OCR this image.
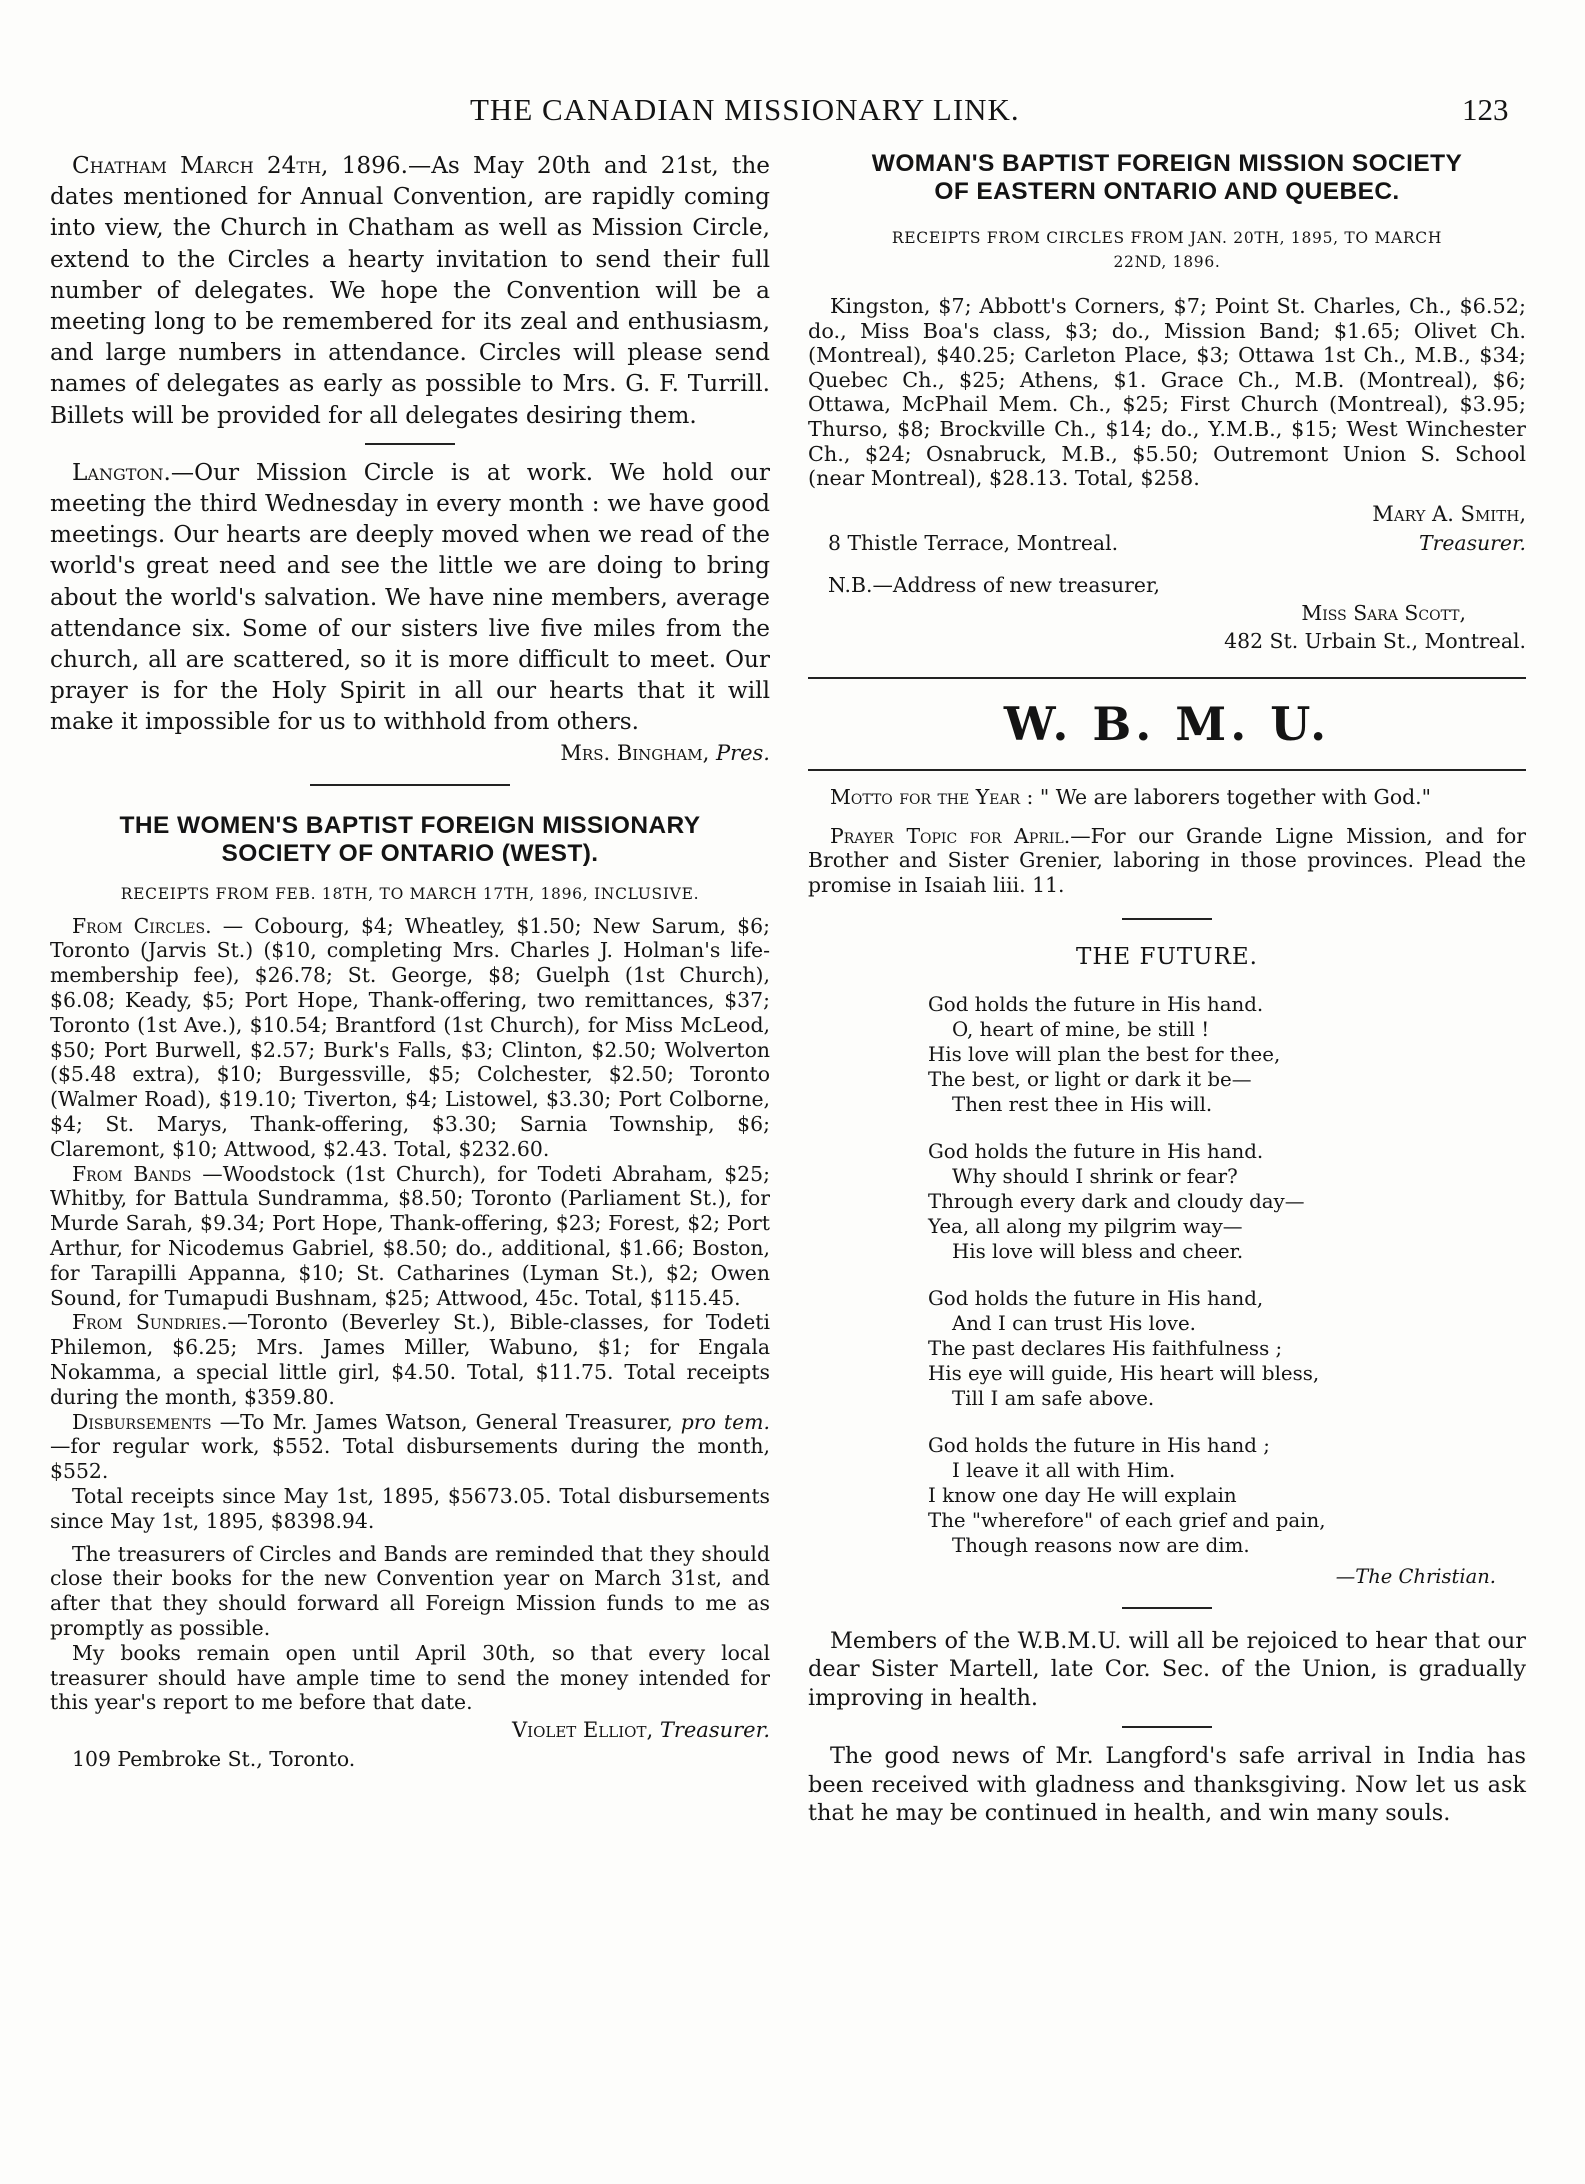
THE CANADIAN MISSIONARY LINK.	123

Chatham March 24th, 1896.—As May 20th and 21st, the dates mentioned for Annual Convention, are rapidly coming into view, the Church in Chatham as well as Mission Circle, extend to the Circles a hearty invitation to send their full number of delegates. We hope the Convention will be a meeting long to be remembered for its zeal and enthusiasm, and large numbers in attendance. Circles will please send names of delegates as early as possible to Mrs. G. F. Turrill. Billets will be provided for all delegates desiring them.

Langton.—Our Mission Circle is at work. We hold our meeting the third Wednesday in every month : we have good meetings. Our hearts are deeply moved when we read of the world's great need and see the little we are doing to bring about the world's salvation. We have nine members, average attendance six. Some of our sisters live five miles from the church, all are scattered, so it is more difficult to meet. Our prayer is for the Holy Spirit in all our hearts that it will make it impossible for us to withhold from others.

Mrs. Bingham, Pres.
THE WOMEN'S BAPTIST FOREIGN MISSIONARY
SOCIETY OF ONTARIO (WEST).
RECEIPTS FROM FEB. 18TH, TO MARCH 17TH, 1896, INCLUSIVE.

From Circles. — Cobourg, $4; Wheatley, $1.50; New Sarum, $6; Toronto (Jarvis St.) ($10, completing Mrs. Charles J. Holman's life-membership fee), $26.78; St. George, $8; Guelph (1st Church), $6.08; Keady, $5; Port Hope, Thank-offering, two remittances, $37; Toronto (1st Ave.), $10.54; Brantford (1st Church), for Miss McLeod, $50; Port Burwell, $2.57; Burk's Falls, $3; Clinton, $2.50; Wolverton ($5.48 extra), $10; Burgessville, $5; Colchester, $2.50; Toronto (Walmer Road), $19.10; Tiverton, $4; Listowel, $3.30; Port Colborne, $4; St. Marys, Thank-offering, $3.30; Sarnia Township, $6; Claremont, $10; Attwood, $2.43. Total, $232.60.

From Bands —Woodstock (1st Church), for Todeti Abraham, $25; Whitby, for Battula Sundramma, $8.50; Toronto (Parliament St.), for Murde Sarah, $9.34; Port Hope, Thank-offering, $23; Forest, $2; Port Arthur, for Nicodemus Gabriel, $8.50; do., additional, $1.66; Boston, for Tarapilli Appanna, $10; St. Catharines (Lyman St.), $2; Owen Sound, for Tumapudi Bushnam, $25; Attwood, 45c. Total, $115.45.

From Sundries.—Toronto (Beverley St.), Bible-classes, for Todeti Philemon, $6.25; Mrs. James Miller, Wabuno, $1; for Engala Nokamma, a special little girl, $4.50. Total, $11.75. Total receipts during the month, $359.80.

Disbursements —To Mr. James Watson, General Treasurer, pro tem.—for regular work, $552. Total disbursements during the month, $552.

Total receipts since May 1st, 1895, $5673.05. Total disbursements since May 1st, 1895, $8398.94.

The treasurers of Circles and Bands are reminded that they should close their books for the new Convention year on March 31st, and after that they should forward all Foreign Mission funds to me as promptly as possible.

My books remain open until April 30th, so that every local treasurer should have ample time to send the money intended for this year's report to me before that date.

Violet Elliot, Treasurer.
109 Pembroke St., Toronto.
WOMAN'S BAPTIST FOREIGN MISSION SOCIETY
OF EASTERN ONTARIO AND QUEBEC.
RECEIPTS FROM CIRCLES FROM JAN. 20TH, 1895, TO MARCH
22ND, 1896.

Kingston, $7; Abbott's Corners, $7; Point St. Charles, Ch., $6.52; do., Miss Boa's class, $3; do., Mission Band; $1.65; Olivet Ch. (Montreal), $40.25; Carleton Place, $3; Ottawa 1st Ch., M.B., $34; Quebec Ch., $25; Athens, $1. Grace Ch., M.B. (Montreal), $6; Ottawa, McPhail Mem. Ch., $25; First Church (Montreal), $3.95; Thurso, $8; Brockville Ch., $14; do., Y.M.B., $15; West Winchester Ch., $24; Osnabruck, M.B., $5.50; Outremont Union S. School (near Montreal), $28.13. Total, $258.

Mary A. Smith,
8 Thistle Terrace, Montreal.	Treasurer.
N.B.—Address of new treasurer,
Miss Sara Scott,
482 St. Urbain St., Montreal.
W. B. M. U.

Motto for the Year : " We are laborers together with God."

Prayer Topic for April.—For our Grande Ligne Mission, and for Brother and Sister Grenier, laboring in those provinces. Plead the promise in Isaiah liii. 11.

THE FUTURE.
God holds the future in His hand.
O, heart of mine, be still !
His love will plan the best for thee,
The best, or light or dark it be—
Then rest thee in His will.
God holds the future in His hand.
Why should I shrink or fear?
Through every dark and cloudy day—
Yea, all along my pilgrim way—
His love will bless and cheer.
God holds the future in His hand,
And I can trust His love.
The past declares His faithfulness ;
His eye will guide, His heart will bless,
Till I am safe above.
God holds the future in His hand ;
I leave it all with Him.
I know one day He will explain
The "wherefore" of each grief and pain,
Though reasons now are dim.
—The Christian.

Members of the W.B.M.U. will all be rejoiced to hear that our dear Sister Martell, late Cor. Sec. of the Union, is gradually improving in health.

The good news of Mr. Langford's safe arrival in India has been received with gladness and thanksgiving. Now let us ask that he may be continued in health, and win many souls.
